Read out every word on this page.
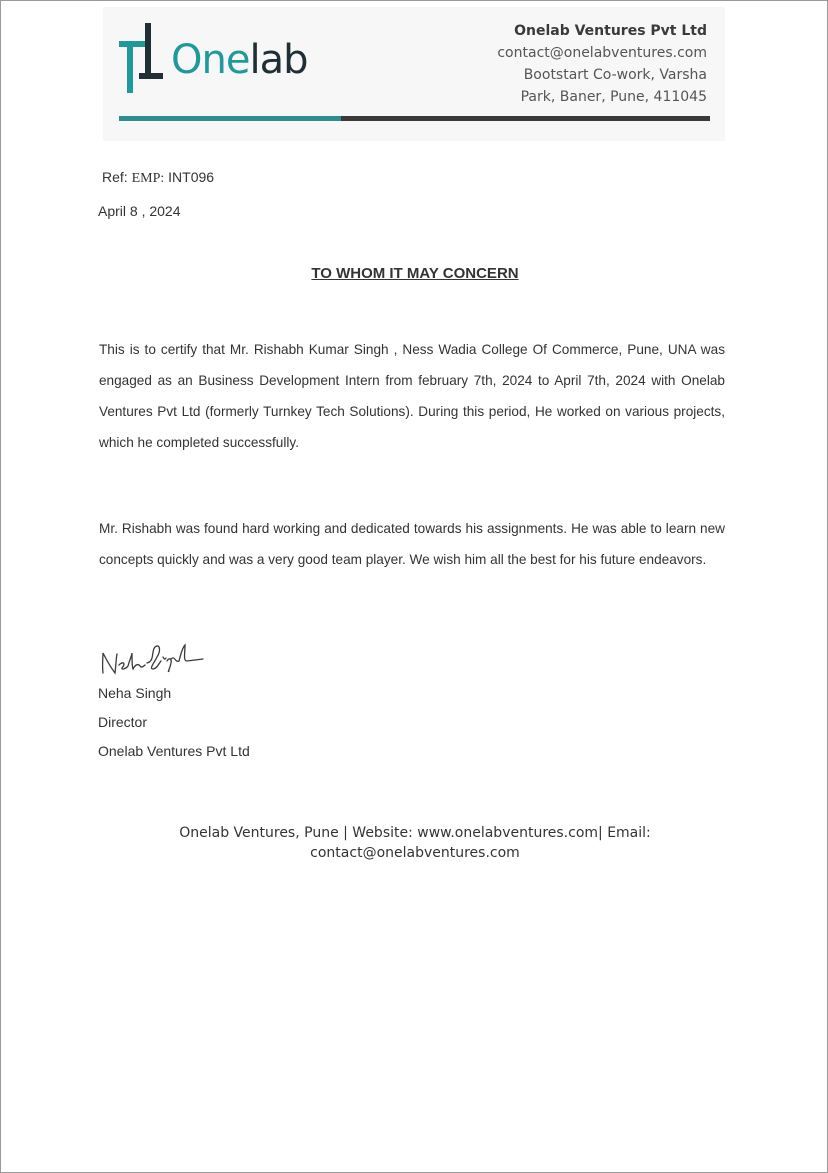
Onelab
Onelab Ventures Pvt Ltd
contact@onelabventures.com
Bootstart Co-work, Varsha
Park, Baner, Pune, 411045
Ref: EMP: INT096
April 8 , 2024
TO WHOM IT MAY CONCERN
This is to certify that Mr. Rishabh Kumar Singh , Ness Wadia College Of Commerce, Pune, UNA was engaged as an Business Development Intern from february 7th, 2024 to April 7th, 2024 with Onelab Ventures Pvt Ltd (formerly Turnkey Tech Solutions). During this period, He worked on various projects, which he completed successfully.
Mr. Rishabh was found hard working and dedicated towards his assignments. He was able to learn new concepts quickly and was a very good team player. We wish him all the best for his future endeavors.
Neha Singh
Director
Onelab Ventures Pvt Ltd
Onelab Ventures, Pune | Website: www.onelabventures.com| Email:
contact@onelabventures.com
